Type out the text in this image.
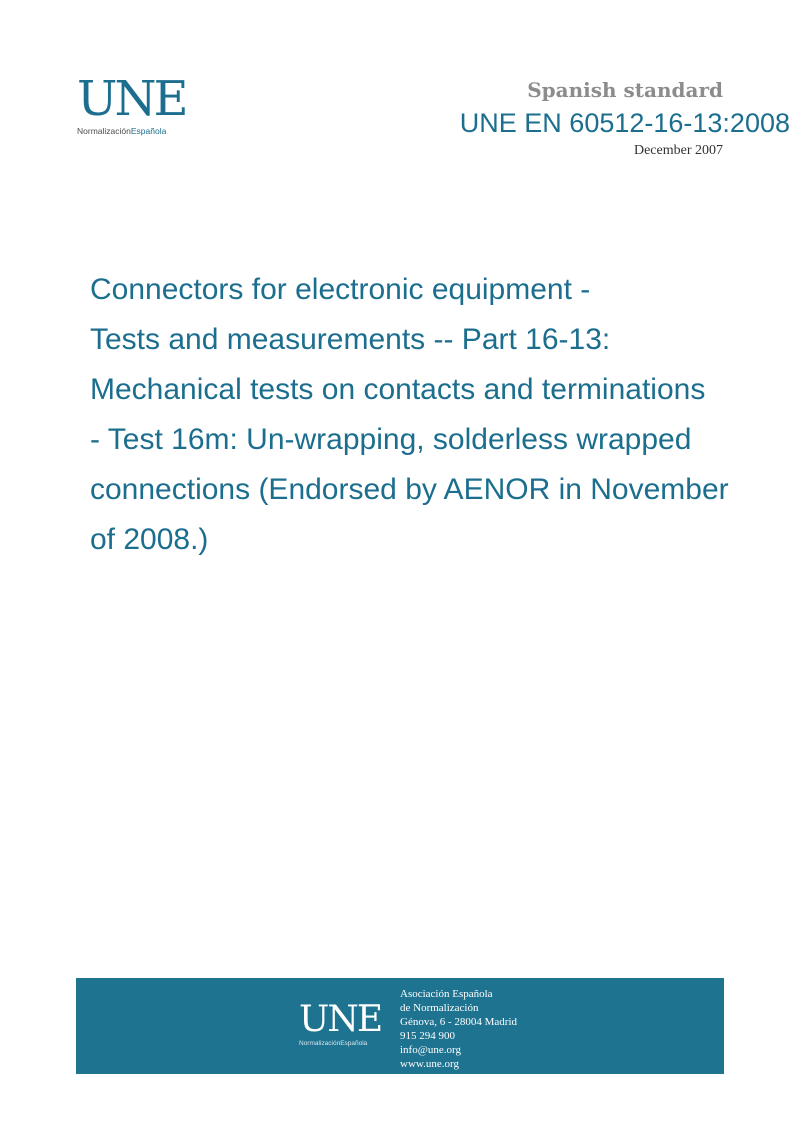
UNE
NormalizaciónEspañola
Spanish standard
UNE EN 60512-16-13:2008
December 2007
Connectors for electronic equipment -
Tests and measurements -- Part 16-13:
Mechanical tests on contacts and terminations
- Test 16m: Un-wrapping, solderless wrapped
connections (Endorsed by AENOR in November
of 2008.)
UNE
NormalizaciónEspañola
Asociación Española
de Normalización
Génova, 6 - 28004 Madrid
915 294 900
info@une.org
www.une.org
